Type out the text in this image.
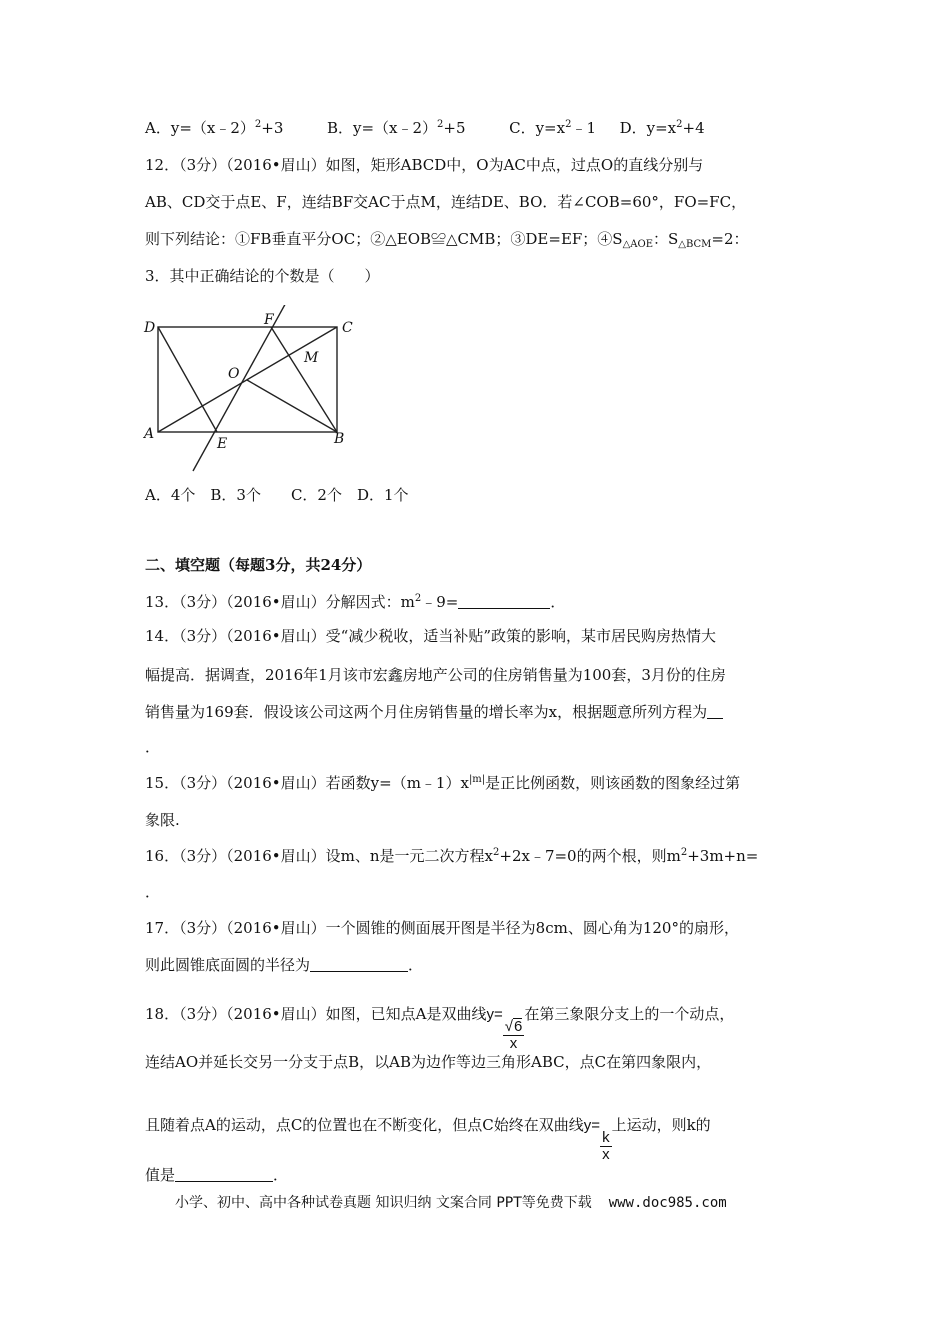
A．y=（x﹣2）$^2$+3	B．y=（x﹣2）$^2$+5	C．$y=x^2﹣1$ D．$y=x^2+4$
12．（3分）（2016•眉山）如图，矩形ABCD中，O为AC中点，过点O的直线分别与
AB、CD交于点E、F，连结BF交AC于点M，连结DE、BO．若∠COB=60°，FO=FC，
则下列结论：①FB垂直平分OC；②△EOB≌△CMB；③DE=EF；$④S_{\triangle AOE}$：$S_{\triangle BCM}=2$：
3．其中正确结论的个数是（　　）
D	F	C
M
O
A
E	B
A．4个　B．3个　　C．2个　D．1个
二、填空题（每题3分，共24分）
13．（3分）（2016•眉山）分解因式：$m^2﹣9=$	．
14．（3分）（2016•眉山）受“减少税收，适当补贴”政策的影响，某市居民购房热情大
幅提高．据调查，2016年1月该市宏鑫房地产公司的住房销售量为100套，3月份的住房
销售量为169套．假设该公司这两个月住房销售量的增长率为x，根据题意所列方程为
．
15．（3分）（2016•眉山）若函数$y=(m﹣1)x^{|m|}$是正比例函数，则该函数的图象经过第
象限.
16．（3分）（2016•眉山）设m、n是一元二次方程$x^2+2x﹣7=0$的两个根，则$m^2+3m+n=$
．
17．（3分）（2016•眉山）一个圆锥的侧面展开图是半径为8cm、圆心角为120°的扇形，
则此圆锥底面圆的半径为	．
18．（3分）（2016•眉山）如图，已知点A是双曲线y=
$\frac{√6}{x}$
在第三象限分支上的一个动点，
连结AO并延长交另一分支于点B，以AB为边作等边三角形ABC，点C在第四象限内，
且随着点A的运动，点C的位置也在不断变化，但点C始终在双曲线y=
$\frac{k}{x}$
上运动，则k的
值是	．
小学、初中、高中各种试卷真题 知识归纳 文案合同 PPT等免费下载 www.doc985.com
